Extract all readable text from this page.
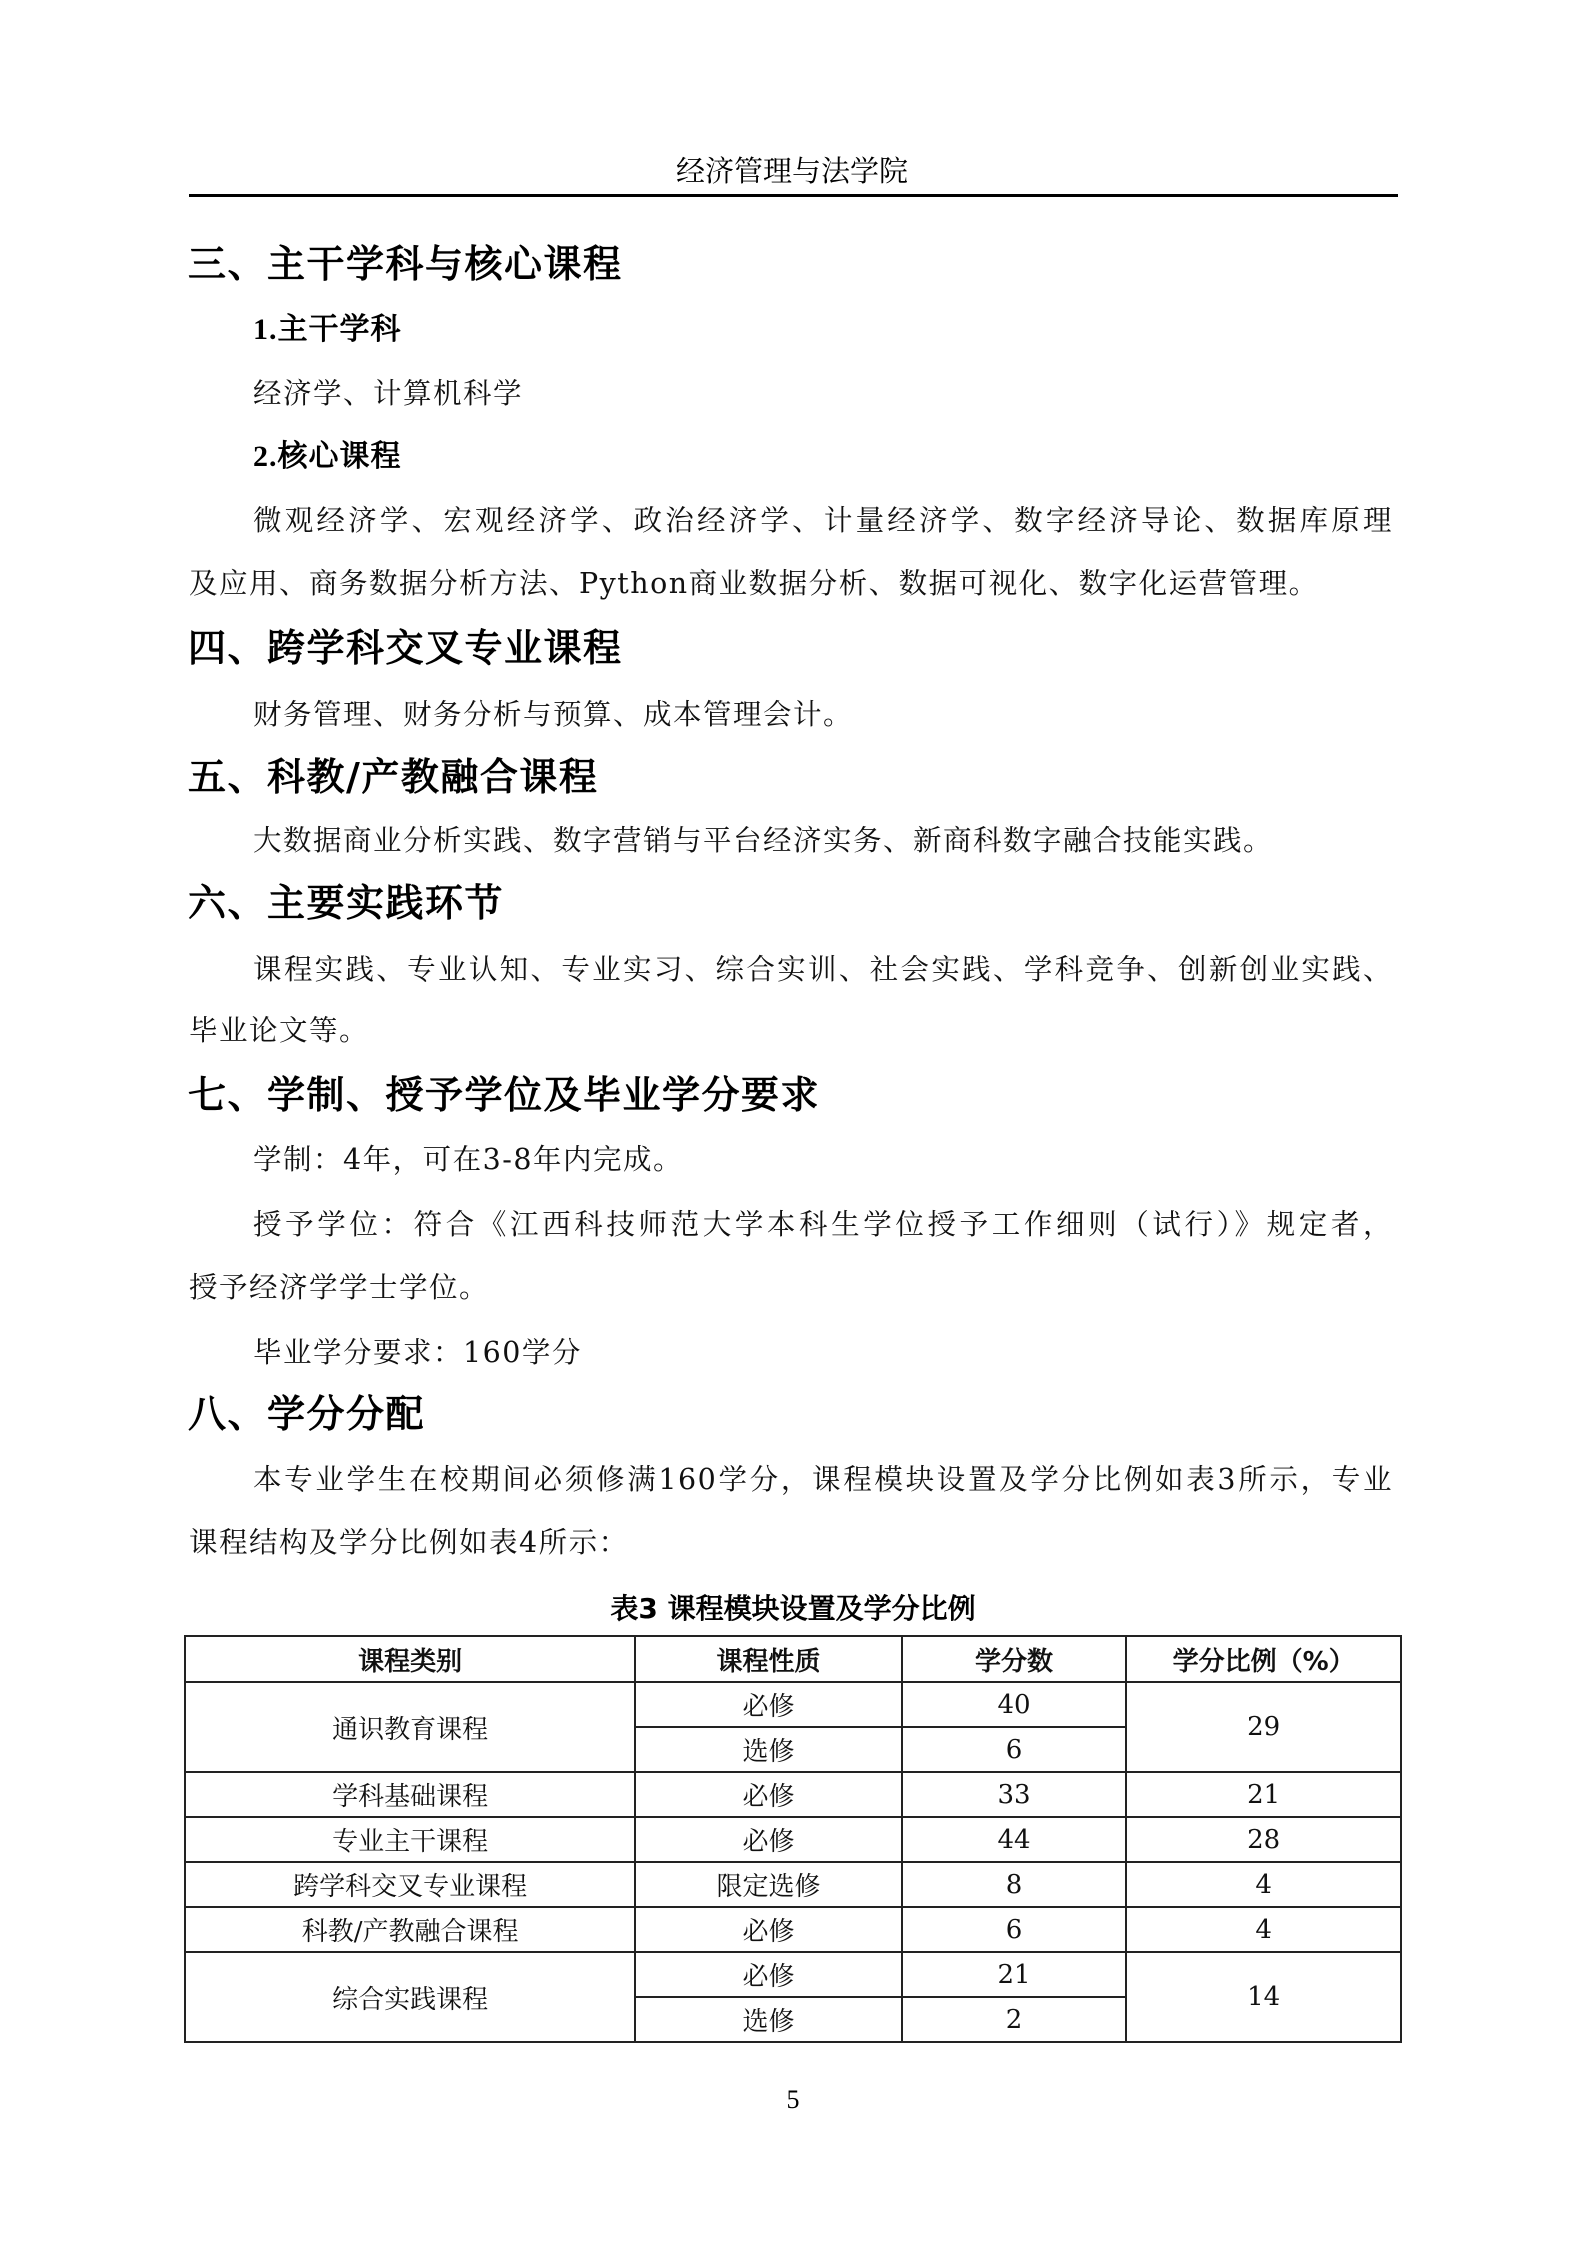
经济管理与法学院
三、主干学科与核心课程
1.主干学科
经济学、计算机科学
2.核心课程
微观经济学、宏观经济学、政治经济学、计量经济学、数字经济导论、数据库原理
及应用、商务数据分析方法、Python商业数据分析、数据可视化、数字化运营管理。
四、跨学科交叉专业课程
财务管理、财务分析与预算、成本管理会计。
五、科教/产教融合课程
大数据商业分析实践、数字营销与平台经济实务、新商科数字融合技能实践。
六、主要实践环节
课程实践、专业认知、专业实习、综合实训、社会实践、学科竞争、创新创业实践、
毕业论文等。
七、学制、授予学位及毕业学分要求
学制：4年，可在3-8年内完成。
授予学位：符合《江西科技师范大学本科生学位授予工作细则（试行）》规定者，
授予经济学学士学位。
毕业学分要求：160学分
八、学分分配
本专业学生在校期间必须修满160学分，课程模块设置及学分比例如表3所示，专业
课程结构及学分比例如表4所示：
表3 课程模块设置及学分比例
课程类别	课程性质	学分数	学分比例（%）
通识教育课程	必修	40	29
	选修	6	
学科基础课程	必修	33	21
专业主干课程	必修	44	28
跨学科交叉专业课程	限定选修	8	4
科教/产教融合课程	必修	6	4
综合实践课程	必修	21	14
	选修	2	
5
